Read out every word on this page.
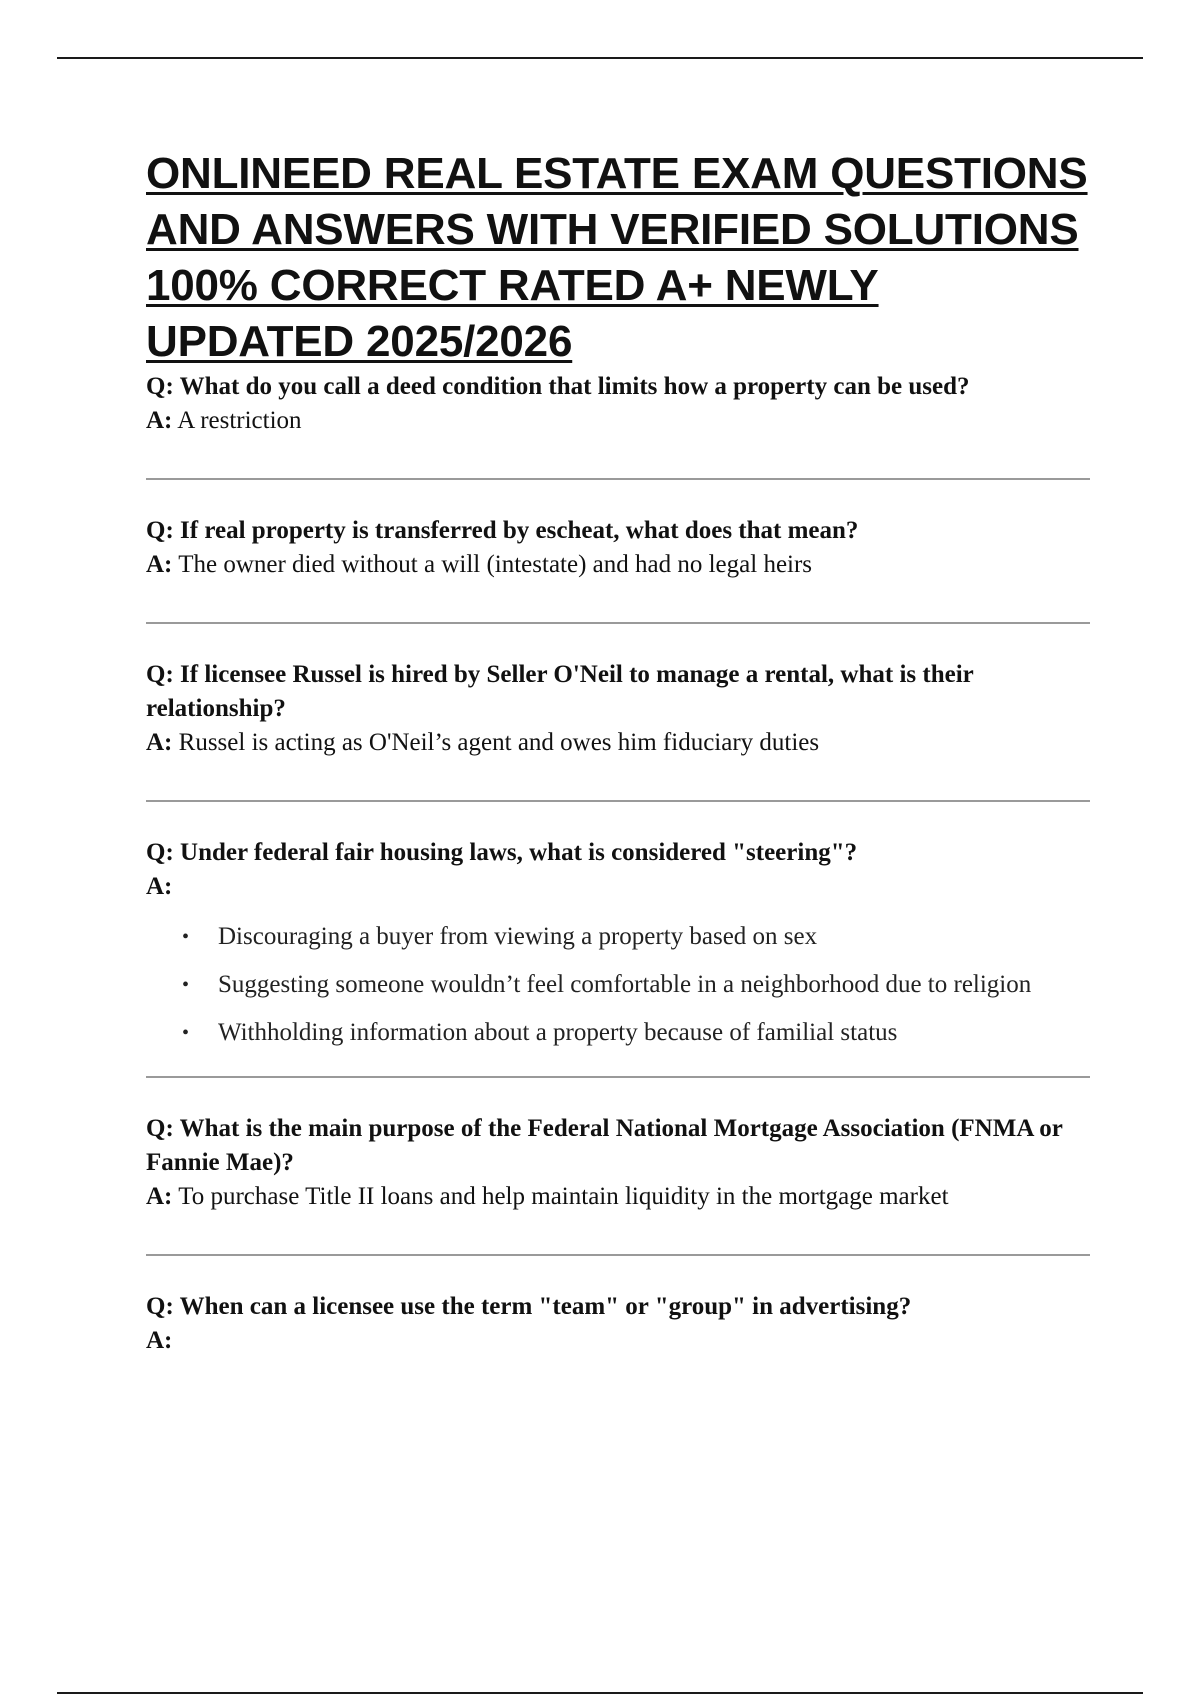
ONLINEED REAL ESTATE EXAM QUESTIONS AND ANSWERS WITH VERIFIED SOLUTIONS 100% CORRECT RATED A+ NEWLY UPDATED 2025/2026

Q: What do you call a deed condition that limits how a property can be used?

A: A restriction

Q: If real property is transferred by escheat, what does that mean?

A: The owner died without a will (intestate) and had no legal heirs

Q: If licensee Russel is hired by Seller O'Neil to manage a rental, what is their relationship?

A: Russel is acting as O'Neil’s agent and owes him fiduciary duties

Q: Under federal fair housing laws, what is considered "steering"?

A:

• Discouraging a buyer from viewing a property based on sex
• Suggesting someone wouldn’t feel comfortable in a neighborhood due to religion
• Withholding information about a property because of familial status

Q: What is the main purpose of the Federal National Mortgage Association (FNMA or Fannie Mae)?

A: To purchase Title II loans and help maintain liquidity in the mortgage market

Q: When can a licensee use the term "team" or "group" in advertising?

A:
